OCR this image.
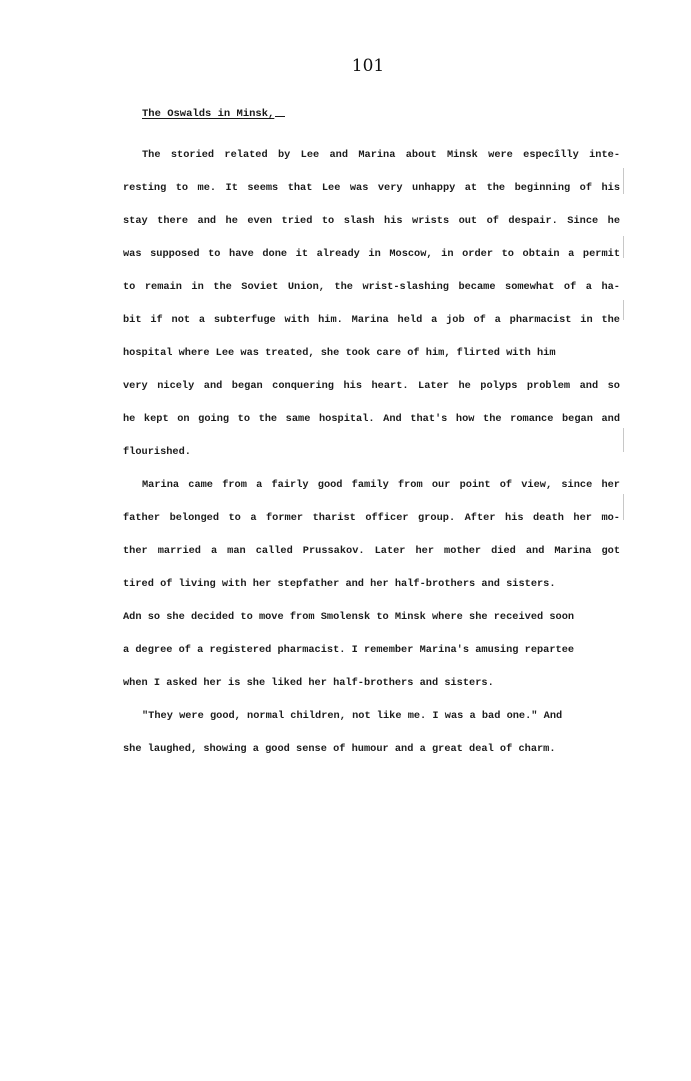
101
The Oswalds in Minsk,
The storied related by Lee and Marina about Minsk were especîlly inte-
resting to me. It seems that Lee was very unhappy at the beginning of his
stay there and he even tried to slash his wrists out of despair. Since he
was supposed to have done it already in Moscow, in order to obtain a permit
to remain in the Soviet Union, the wrist-slashing became somewhat of a ha-
bit if not a subterfuge with him. Marina held a job of a pharmacist in the
hospital where Lee was treated, she took care of him, flirted with him
very nicely and began conquering his heart. Later he polyps problem and so
he kept on going to the same hospital. And that's how the romance began and
flourished.
Marina came from a fairly good family from our point of view, since her
father belonged to a former tharist officer group. After his death her mo-
ther married a man called Prussakov. Later her mother died and Marina got
tired of living with her stepfather and her half-brothers and sisters.
Adn so she decided to move from Smolensk to Minsk where she received soon
a degree of a registered pharmacist. I remember Marina's amusing repartee
when I asked her is she liked her half-brothers and sisters.
"They were good, normal children, not like me. I was a bad one." And
she laughed, showing a good sense of humour and a great deal of charm.
